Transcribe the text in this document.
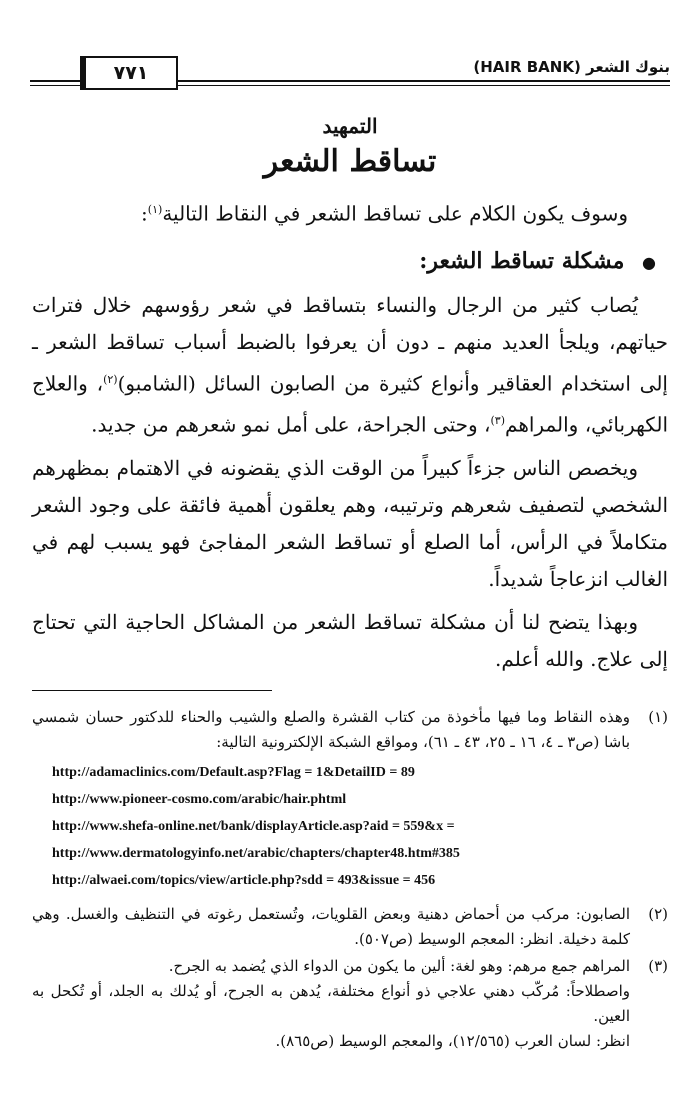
بنوك الشعر (HAIR BANK)
٧٧١
التمهيد
تساقط الشعر
وسوف يكون الكلام على تساقط الشعر في النقاط التالية$^{(١)}$:
● مشكلة تساقط الشعر:

يُصاب كثير من الرجال والنساء بتساقط في شعر رؤوسهم خلال فترات حياتهم، ويلجأ العديد منهم ـ دون أن يعرفوا بالضبط أسباب تساقط الشعر ـ إلى استخدام العقاقير وأنواع كثيرة من الصابون السائل (الشامبو)$^{(٢)}$، والعلاج الكهربائي، والمراهم$^{(٣)}$، وحتى الجراحة، على أمل نمو شعرهم من جديد.

ويخصص الناس جزءاً كبيراً من الوقت الذي يقضونه في الاهتمام بمظهرهم الشخصي لتصفيف شعرهم وترتيبه، وهم يعلقون أهمية فائقة على وجود الشعر متكاملاً في الرأس، أما الصلع أو تساقط الشعر المفاجئ فهو يسبب لهم في الغالب انزعاجاً شديداً.

وبهذا يتضح لنا أن مشكلة تساقط الشعر من المشاكل الحاجية التي تحتاج إلى علاج. والله أعلم.

(١)
وهذه النقاط وما فيها مأخوذة من كتاب القشرة والصلع والشيب والحناء للدكتور حسان شمسي باشا (ص٣ ـ ٤، ١٦ ـ ٢٥، ٤٣ ـ ٦١)، ومواقع الشبكة الإلكترونية التالية:
http://adamaclinics.com/Default.asp?Flag = 1&DetailID = 89
http://www.pioneer-cosmo.com/arabic/hair.phtml
http://www.shefa-online.net/bank/displayArticle.asp?aid = 559&x =
http://www.dermatologyinfo.net/arabic/chapters/chapter48.htm#385
http://alwaei.com/topics/view/article.php?sdd = 493&issue = 456
(٢)
الصابون: مركب من أحماض دهنية وبعض القلويات، وتُستعمل رغوته في التنظيف والغسل. وهي كلمة دخيلة. انظر: المعجم الوسيط (ص٥٠٧).
(٣)
المراهم جمع مرهم: وهو لغة: ألين ما يكون من الدواء الذي يُضمد به الجرح.
واصطلاحاً: مُركّب دهني علاجي ذو أنواع مختلفة، يُدهن به الجرح، أو يُدلك به الجلد، أو تُكحل به العين.
انظر: لسان العرب (١٢/٥٦٥)، والمعجم الوسيط (ص٨٦٥).
